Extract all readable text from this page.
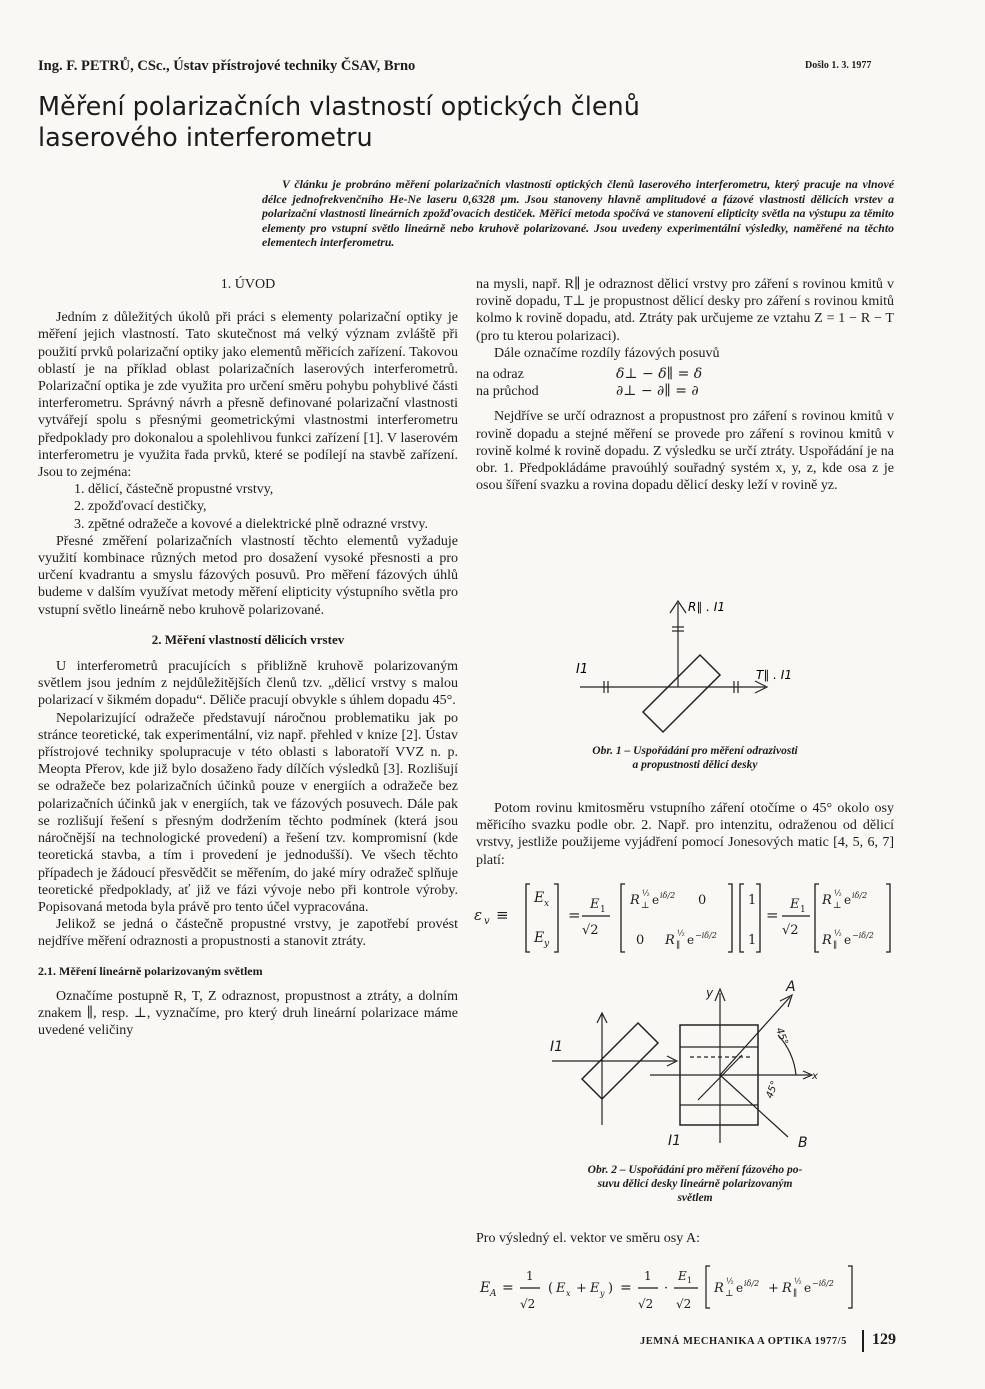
Ing. F. PETRŮ, CSc., Ústav přístrojové techniky ČSAV, Brno	Došlo 1. 3. 1977
Měření polarizačních vlastností optických členů laserového interferometru

V článku je probráno měření polarizačních vlastností optických členů laserového interferometru, který pracuje na vlnové délce jednofrekvenčního He-Ne laseru 0,6328 µm. Jsou stanoveny hlavně amplitudové a fázové vlastnosti dělicích vrstev a polarizační vlastnosti lineárních zpožďovacích destiček. Měřicí metoda spočívá ve stanovení elipticity světla na výstupu za těmito elementy pro vstupní světlo lineárně nebo kruhově polarizované. Jsou uvedeny experimentální výsledky, naměřené na těchto elementech interferometru.

1. ÚVOD

Jedním z důležitých úkolů při práci s elementy polarizační optiky je měření jejich vlastností. Tato skutečnost má velký význam zvláště při použití prvků polarizační optiky jako elementů měřicích zařízení. Takovou oblastí je na příklad oblast polarizačních laserových interferometrů. Polarizační optika je zde využita pro určení směru pohybu pohyblivé části interferometru. Správný návrh a přesně definované polarizační vlastnosti vytvářejí spolu s přesnými geometrickými vlastnostmi interferometru předpoklady pro dokonalou a spolehlivou funkci zařízení [1]. V laserovém interferometru je využita řada prvků, které se podílejí na stavbě zařízení. Jsou to zejména:

1. dělicí, částečně propustné vrstvy,

2. zpožďovací destičky,

3. zpětné odražeče a kovové a dielektrické plně odrazné vrstvy.

Přesné změření polarizačních vlastností těchto elementů vyžaduje využití kombinace různých metod pro dosažení vysoké přesnosti a pro určení kvadrantu a smyslu fázových posuvů. Pro měření fázových úhlů budeme v dalším využívat metody měření elipticity výstupního světla pro vstupní světlo lineárně nebo kruhově polarizované.

2. Měření vlastností dělicích vrstev

U interferometrů pracujících s přibližně kruhově polarizovaným světlem jsou jedním z nejdůležitějších členů tzv. „dělicí vrstvy s malou polarizací v šikmém dopadu“. Děliče pracují obvykle s úhlem dopadu 45°.

Nepolarizující odražeče představují náročnou problematiku jak po stránce teoretické, tak experimentální, viz např. přehled v knize [2]. Ústav přístrojové techniky spolupracuje v této oblasti s laboratoří VVZ n. p. Meopta Přerov, kde již bylo dosaženo řady dílčích výsledků [3]. Rozlišují se odražeče bez polarizačních účinků pouze v energiích a odražeče bez polarizačních účinků jak v energiích, tak ve fázových posuvech. Dále pak se rozlišují řešení s přesným dodržením těchto podmínek (která jsou náročnější na technologické provedení) a řešení tzv. kompromisní (kde teoretická stavba, a tím i provedení je jednodušší). Ve všech těchto případech je žádoucí přesvědčit se měřením, do jaké míry odražeč splňuje teoretické předpoklady, ať již ve fázi vývoje nebo při kontrole výroby. Popisovaná metoda byla právě pro tento účel vypracována.

Jelikož se jedná o částečně propustné vrstvy, je zapotřebí provést nejdříve měření odraznosti a propustnosti a stanovit ztráty.

2.1. Měření lineárně polarizovaným světlem

Označíme postupně R, T, Z odraznost, propustnost a ztráty, a dolním znakem ∥, resp. ⊥, vyznačíme, pro který druh lineární polarizace máme uvedené veličiny

na mysli, např. R∥ je odraznost dělicí vrstvy pro záření s rovinou kmitů v rovině dopadu, T⊥ je propustnost dělicí desky pro záření s rovinou kmitů kolmo k rovině dopadu, atd. Ztráty pak určujeme ze vztahu Z = 1 − R − T (pro tu kterou polarizaci).

Dále označíme rozdíly fázových posuvů

na odraz	δ⊥ − δ∥ = δ
na průchod	∂⊥ − ∂∥ = ∂

Nejdříve se určí odraznost a propustnost pro záření s rovinou kmitů v rovině dopadu a stejné měření se provede pro záření s rovinou kmitů v rovině kolmé k rovině dopadu. Z výsledku se určí ztráty. Uspořádání je na obr. 1. Předpokládáme pravoúhlý souřadný systém x, y, z, kde osa z je osou šíření svazku a rovina dopadu dělicí desky leží v rovině yz.

R∥ . I1
I1	T∥ . I1
Obr. 1 – Uspořádání pro měření odrazivosti
a propustnosti dělicí desky

Potom rovinu kmitosměru vstupního záření otočíme o 45° okolo osy měřicího svazku podle obr. 2. Např. pro intenzitu, odraženou od dělicí vrstvy, jestliže použijeme vyjádření pomocí Jonesových matic [4, 5, 6, 7] platí:

ε v ≡
E x
E y
=
E 1
√2
R ⊥
½ e iδ/2 0
0 R ∥
½ e −iδ/2
1
1
=
E 1
√2
R ⊥
½ e iδ/2
R ∥
½ e −iδ/2
y	A
B
x
I1
I1
45°
45°
Obr. 2 – Uspořádání pro měření fázového po-
suvu dělicí desky lineárně polarizovaným
světlem

Pro výsledný el. vektor ve směru osy A:

E A =
1
√2
( E x + E y ) =
1
√2
·
E 1
√2
R ⊥
½ e iδ/2 + R ∥
½ e −iδ/2
JEMNÁ MECHANIKA A OPTIKA 1977/5 129
